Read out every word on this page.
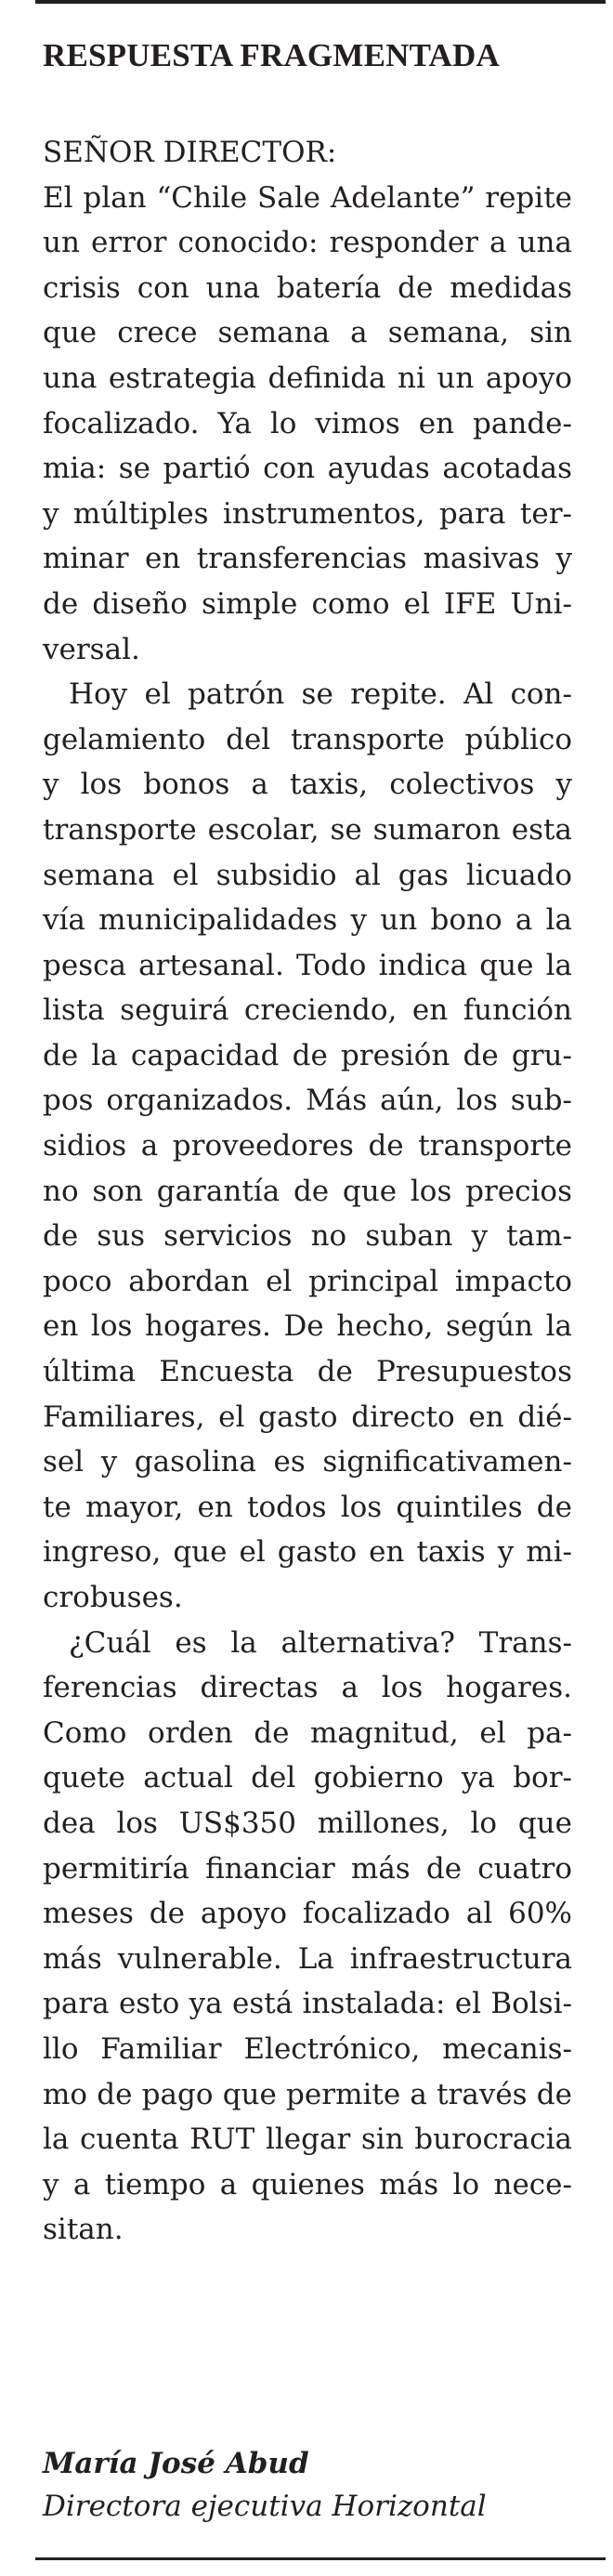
RESPUESTA FRAGMENTADA
SEÑOR DIRECTOR:
El plan “Chile Sale Adelante” repite
un error conocido: responder a una
crisis con una batería de medidas
que crece semana a semana, sin
una estrategia definida ni un apoyo
focalizado. Ya lo vimos en pande-
mia: se partió con ayudas acotadas
y múltiples instrumentos, para ter-
minar en transferencias masivas y
de diseño simple como el IFE Uni-
versal.
Hoy el patrón se repite. Al con-
gelamiento del transporte público
y los bonos a taxis, colectivos y
transporte escolar, se sumaron esta
semana el subsidio al gas licuado
vía municipalidades y un bono a la
pesca artesanal. Todo indica que la
lista seguirá creciendo, en función
de la capacidad de presión de gru-
pos organizados. Más aún, los sub-
sidios a proveedores de transporte
no son garantía de que los precios
de sus servicios no suban y tam-
poco abordan el principal impacto
en los hogares. De hecho, según la
última Encuesta de Presupuestos
Familiares, el gasto directo en dié-
sel y gasolina es significativamen-
te mayor, en todos los quintiles de
ingreso, que el gasto en taxis y mi-
crobuses.
¿Cuál es la alternativa? Trans-
ferencias directas a los hogares.
Como orden de magnitud, el pa-
quete actual del gobierno ya bor-
dea los US$350 millones, lo que
permitiría financiar más de cuatro
meses de apoyo focalizado al 60%
más vulnerable. La infraestructura
para esto ya está instalada: el Bolsi-
llo Familiar Electrónico, mecanis-
mo de pago que permite a través de
la cuenta RUT llegar sin burocracia
y a tiempo a quienes más lo nece-
sitan.
María José Abud
Directora ejecutiva Horizontal
